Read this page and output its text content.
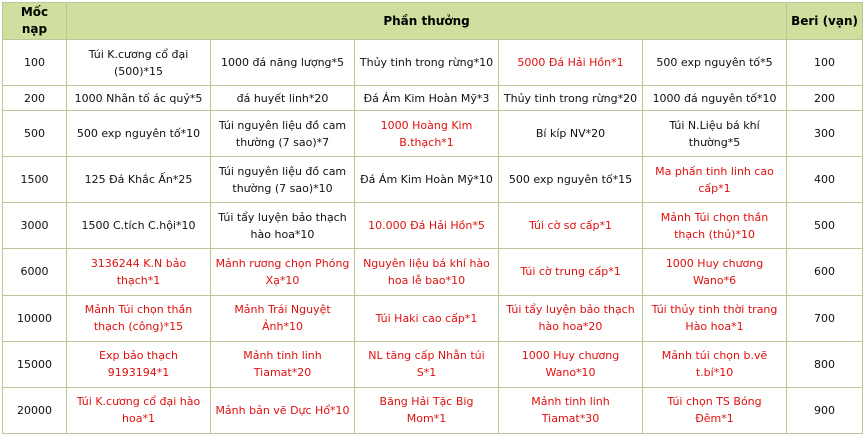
Mốc nạp	Phần thưởng					Beri (vạn)
100	Túi K.cương cổ đại (500)*15	1000 đá năng lượng*5	Thủy tinh trong rừng*10	5000 Đá Hải Hồn*1	500 exp nguyên tố*5	100
200	1000 Nhân tố ác quỷ*5	đá huyết linh*20	Đá Ám Kim Hoàn Mỹ*3	Thủy tinh trong rừng*20	1000 đá nguyên tố*10	200
500	500 exp nguyên tố*10	Túi nguyên liệu đồ cam thường (7 sao)*7	1000 Hoàng Kim B.thạch*1	Bí kíp NV*20	Túi N.Liệu bá khí thường*5	300
1500	125 Đá Khắc Ấn*25	Túi nguyên liệu đồ cam thường (7 sao)*10	Đá Ám Kim Hoàn Mỹ*10	500 exp nguyên tố*15	Ma phấn tinh linh cao cấp*1	400
3000	1500 C.tích C.hội*10	Túi tẩy luyện bảo thạch hào hoa*10	10.000 Đá Hải Hồn*5	Túi cờ sơ cấp*1	Mảnh Túi chọn thần thạch (thủ)*10	500
6000	3136244 K.N bảo thạch*1	Mảnh rương chọn Phóng Xạ*10	Nguyên liệu bá khí hào hoa lễ bao*10	Túi cờ trung cấp*1	1000 Huy chương Wano*6	600
10000	Mảnh Túi chọn thần thạch (công)*15	Mảnh Trái Nguyệt Ảnh*10	Túi Haki cao cấp*1	Túi tẩy luyện bảo thạch hào hoa*20	Túi thủy tinh thời trang Hào hoa*1	700
15000	Exp bảo thạch 9193194*1	Mảnh tinh linh Tiamat*20	NL tăng cấp Nhẫn túi S*1	1000 Huy chương Wano*10	Mảnh túi chọn b.vẽ t.bí*10	800
20000	Túi K.cương cổ đại hào hoa*1	Mảnh bản vẽ Dực Hổ*10	Băng Hải Tặc Big Mom*1	Mảnh tinh linh Tiamat*30	Túi chọn TS Bóng Đêm*1	900
